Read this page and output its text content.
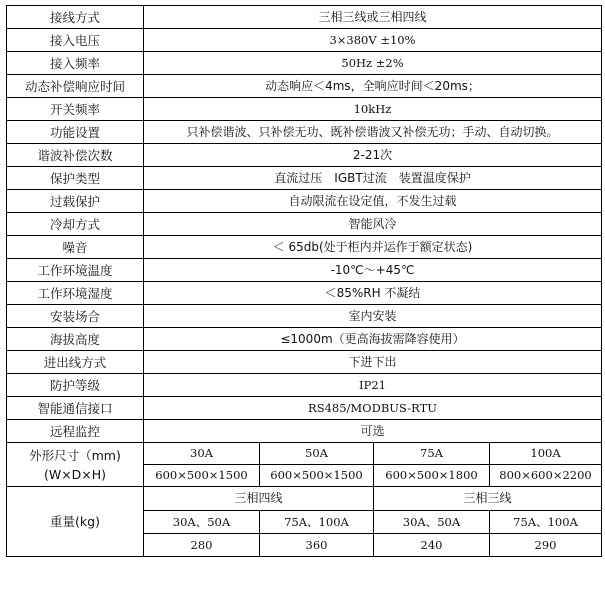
接线方式	三相三线或三相四线			
接入电压	3×380V ±10%			
接入频率	50Hz ±2%			
动态补偿响应时间	动态响应＜4ms，全响应时间＜20ms；			
开关频率	10kHz			
功能设置	只补偿谐波、只补偿无功、既补偿谐波又补偿无功；手动、自动切换。			
谐波补偿次数	2-21次			
保护类型	直流过压　IGBT过流　装置温度保护			
过载保护	自动限流在设定值，不发生过载			
冷却方式	智能风冷			
噪音	＜ 65db(处于柜内并运作于额定状态)			
工作环境温度	-10℃～+45℃			
工作环境湿度	＜85%RH 不凝结			
安装场合	室内安装			
海拔高度	≤1000m（更高海拔需降容使用）			
进出线方式	下进下出			
防护等级	IP21			
智能通信接口	RS485/MODBUS-RTU			
远程监控	可选			

外形尺寸（mm)
(W×D×H)	30A	50A	75A	100A
	600×500×1500	600×500×1500	600×500×1800	800×600×2200
重量(kg)	三相四线		三相三线	
	30A、50A	75A、100A	30A、50A	75A、100A
	280	360	240	290
